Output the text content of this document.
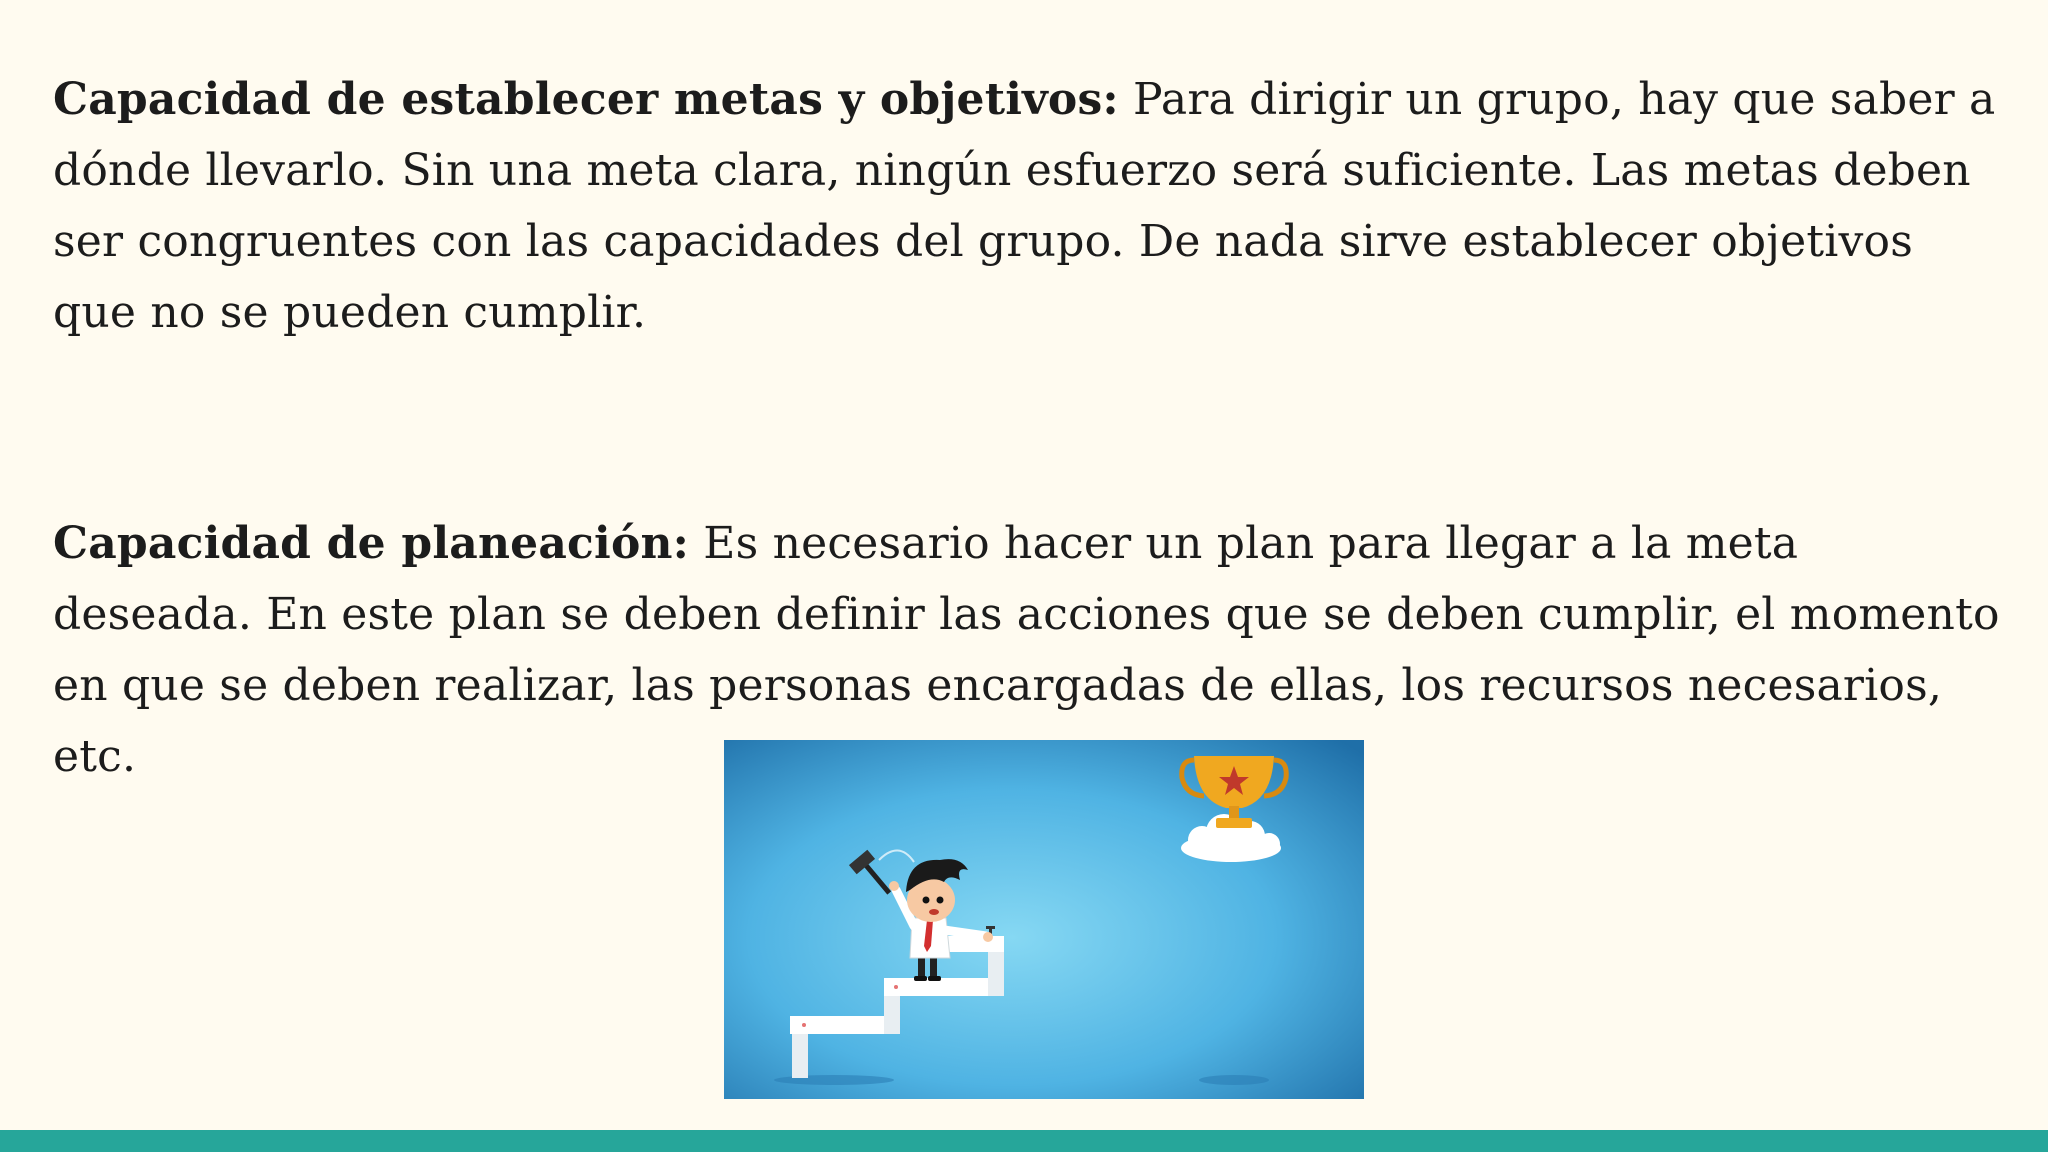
Capacidad de establecer metas y objetivos: Para dirigir un grupo, hay que saber a dónde llevarlo. Sin una meta clara, ningún esfuerzo será suficiente. Las metas deben ser congruentes con las capacidades del grupo. De nada sirve establecer objetivos que no se pueden cumplir.

Capacidad de planeación: Es necesario hacer un plan para llegar a la meta deseada. En este plan se deben definir las acciones que se deben cumplir, el momento en que se deben realizar, las personas encargadas de ellas, los recursos necesarios, etc.
